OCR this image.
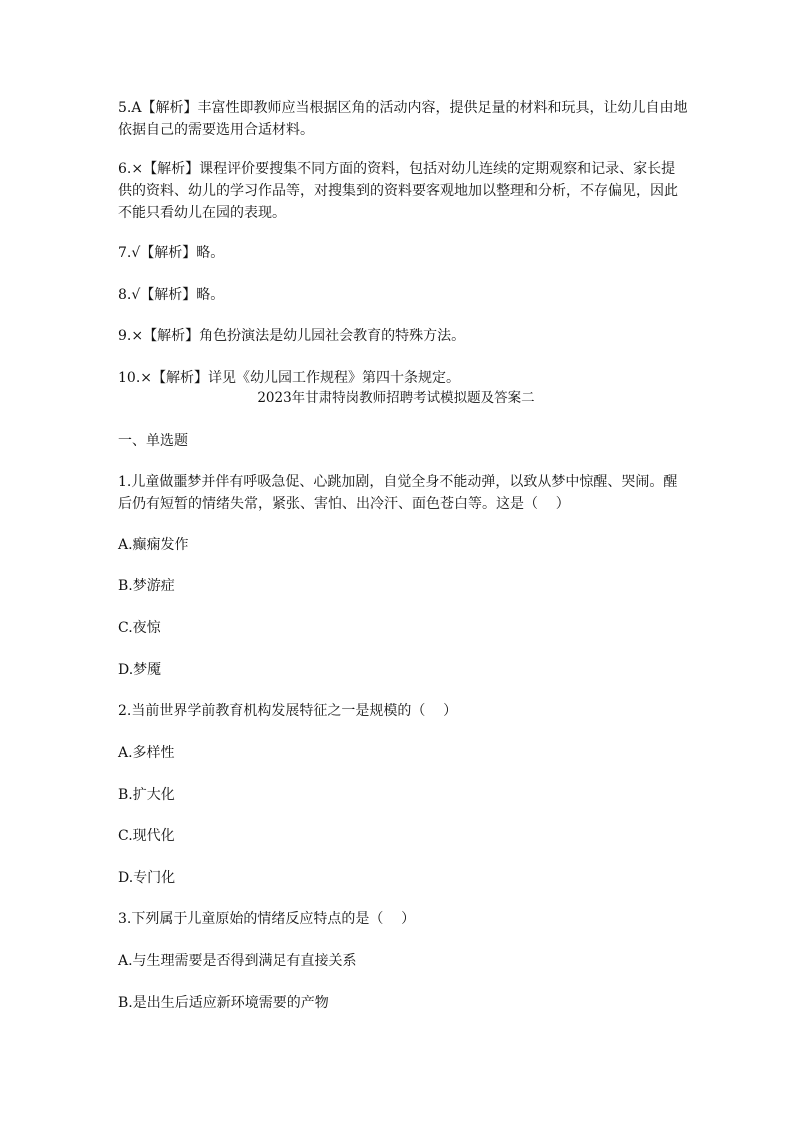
5.A【解析】丰富性即教师应当根据区角的活动内容，提供足量的材料和玩具，让幼儿自由地依据自己的需要选用合适材料。

6.×【解析】课程评价要搜集不同方面的资料，包括对幼儿连续的定期观察和记录、家长提供的资料、幼儿的学习作品等，对搜集到的资料要客观地加以整理和分析，不存偏见，因此不能只看幼儿在园的表现。

7.√【解析】略。

8.√【解析】略。

9.×【解析】角色扮演法是幼儿园社会教育的特殊方法。

10.×【解析】详见《幼儿园工作规程》第四十条规定。

2023年甘肃特岗教师招聘考试模拟题及答案二

一、单选题

1.儿童做噩梦并伴有呼吸急促、心跳加剧，自觉全身不能动弹，以致从梦中惊醒、哭闹。醒后仍有短暂的情绪失常，紧张、害怕、出冷汗、面色苍白等。这是（    ）

A.癫痫发作

B.梦游症

C.夜惊

D.梦魇

2.当前世界学前教育机构发展特征之一是规模的（    ）

A.多样性

B.扩大化

C.现代化

D.专门化

3.下列属于儿童原始的情绪反应特点的是（    ）

A.与生理需要是否得到满足有直接关系

B.是出生后适应新环境需要的产物
